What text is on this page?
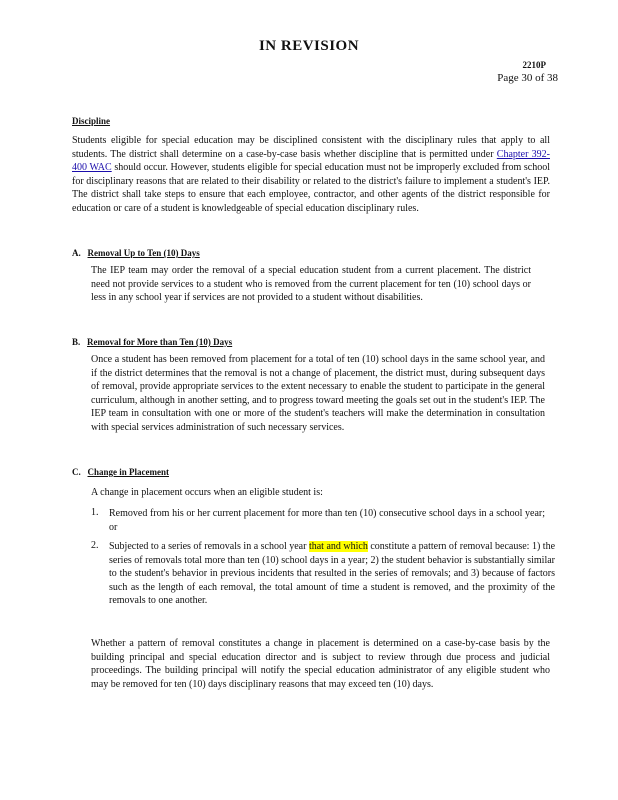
IN REVISION
2210P
Page 30 of 38
Discipline
Students eligible for special education may be disciplined consistent with the disciplinary rules that apply to all students. The district shall determine on a case-by-case basis whether discipline that is permitted under Chapter 392-400 WAC should occur. However, students eligible for special education must not be improperly excluded from school for disciplinary reasons that are related to their disability or related to the district's failure to implement a student's IEP. The district shall take steps to ensure that each employee, contractor, and other agents of the district responsible for education or care of a student is knowledgeable of special education disciplinary rules.
A. Removal Up to Ten (10) Days
The IEP team may order the removal of a special education student from a current placement. The district need not provide services to a student who is removed from the current placement for ten (10) school days or less in any school year if services are not provided to a student without disabilities.
B. Removal for More than Ten (10) Days
Once a student has been removed from placement for a total of ten (10) school days in the same school year, and if the district determines that the removal is not a change of placement, the district must, during subsequent days of removal, provide appropriate services to the extent necessary to enable the student to participate in the general curriculum, although in another setting, and to progress toward meeting the goals set out in the student's IEP. The IEP team in consultation with one or more of the student's teachers will make the determination in consultation with special services administration of such necessary services.
C. Change in Placement
A change in placement occurs when an eligible student is:
1. Removed from his or her current placement for more than ten (10) consecutive school days in a school year; or
2. Subjected to a series of removals in a school year that and which constitute a pattern of removal because: 1) the series of removals total more than ten (10) school days in a year; 2) the student behavior is substantially similar to the student's behavior in previous incidents that resulted in the series of removals; and 3) because of factors such as the length of each removal, the total amount of time a student is removed, and the proximity of the removals to one another.
Whether a pattern of removal constitutes a change in placement is determined on a case-by-case basis by the building principal and special education director and is subject to review through due process and judicial proceedings. The building principal will notify the special education administrator of any eligible student who may be removed for ten (10) days disciplinary reasons that may exceed ten (10) days.
